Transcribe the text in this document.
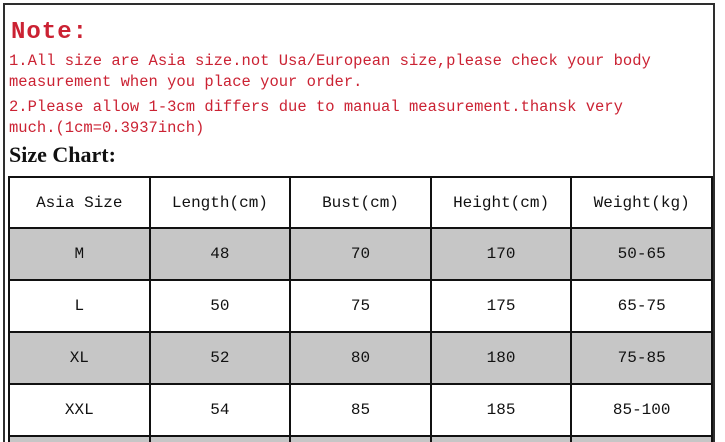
Note:

1.All size are Asia size.not Usa/European size,please check your body measurement when you place your order.

2.Please allow 1-3cm differs due to manual measurement.thansk very much.(1cm=0.3937inch)

Size Chart:
Asia Size	Length(cm)	Bust(cm)	Height(cm)	Weight(kg)
M	48	70	170	50-65
L	50	75	175	65-75
XL	52	80	180	75-85
XXL	54	85	185	85-100
